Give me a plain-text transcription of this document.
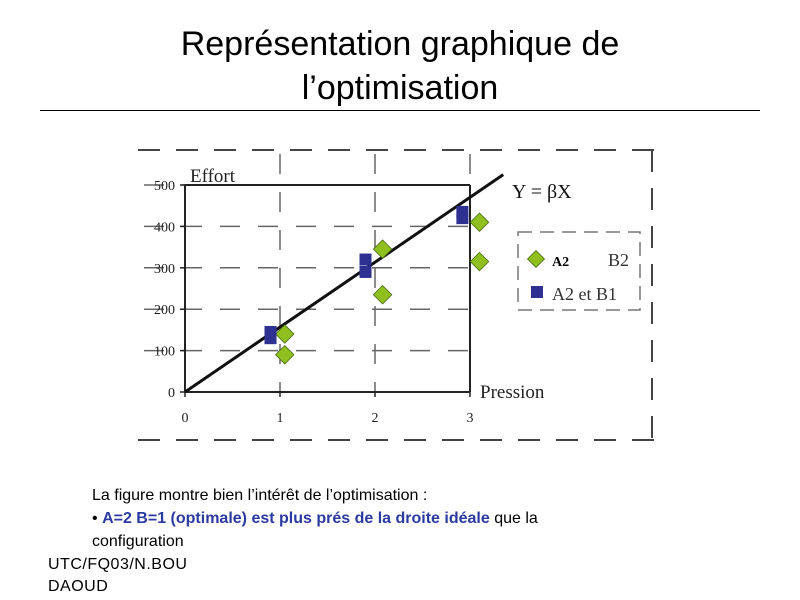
Représentation graphique de
l’optimisation
0
100
200
300
400
500
0	1	2	3
Effort
Pression
Y = βX
A2 B2
A2 et B1
La figure montre bien l’intérêt de l’optimisation :
• A=2 B=1 (optimale) est plus prés de la droite idéale que la
configuration
UTC/FQ03/N.BOU
DAOUD
